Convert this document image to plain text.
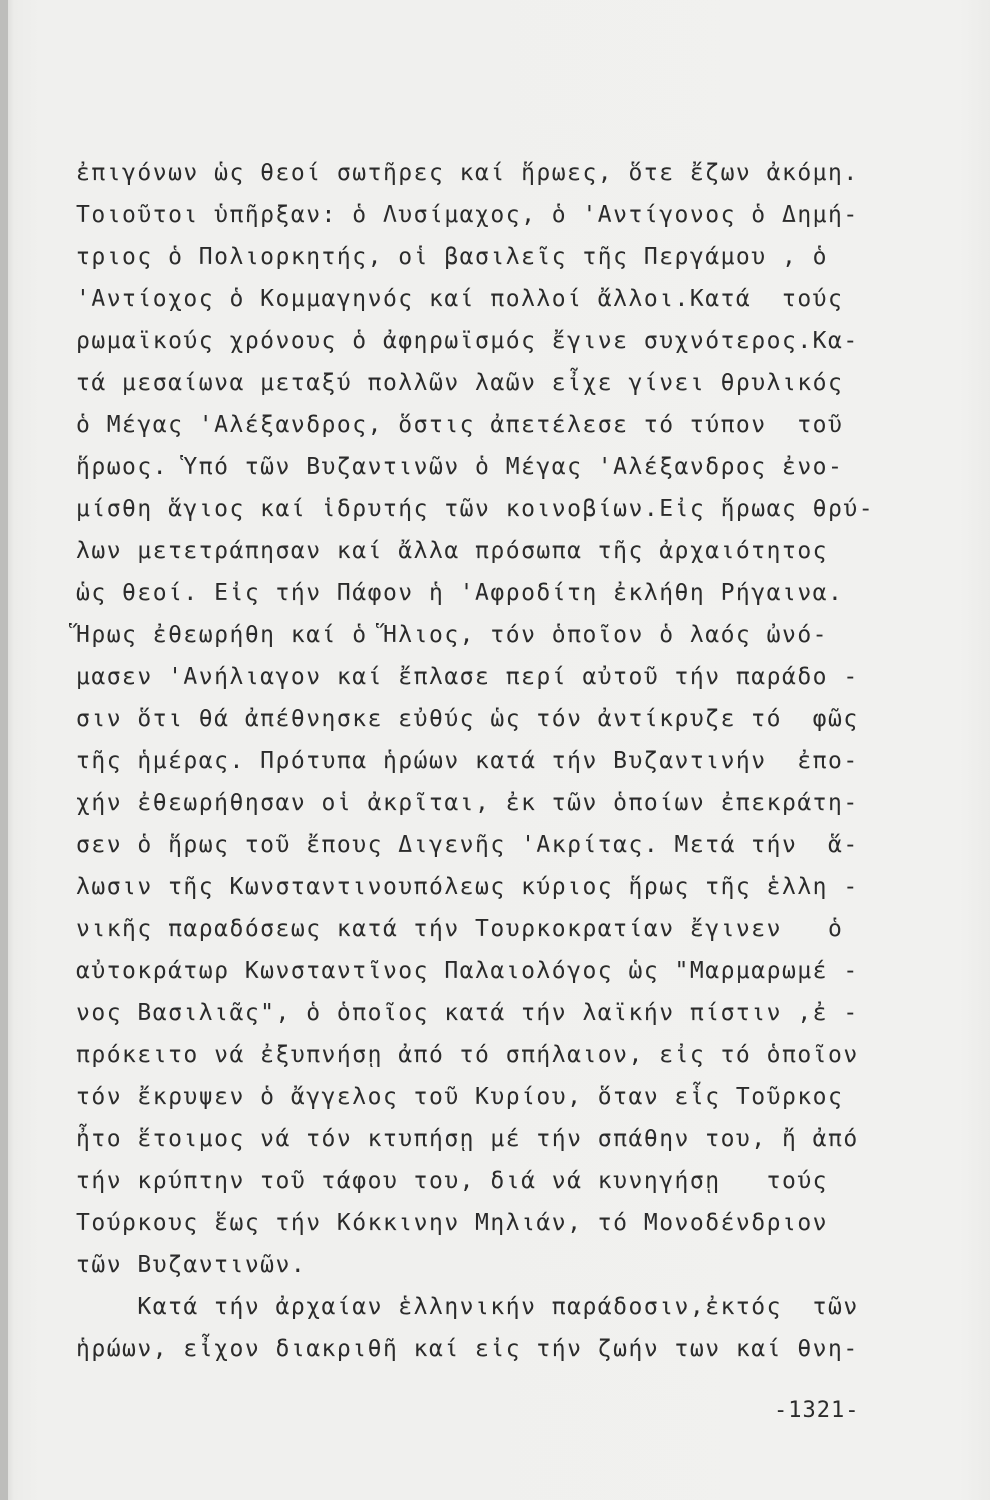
ἐπιγόνων ὡς θεοί σωτῆρες καί ἥρωες, ὅτε ἔζων ἀκόμη.
Τοιοῦτοι ὑπῆρξαν: ὁ Λυσίμαχος, ὁ 'Αντίγονος ὁ Δημή-
τριος ὁ Πολιορκητής, οἱ βασιλεῖς τῆς Περγάμου , ὁ
'Αντίοχος ὁ Κομμαγηνός καί πολλοί ἄλλοι.Κατά  τούς
ρωμαϊκούς χρόνους ὁ ἀφηρωϊσμός ἔγινε συχνότερος.Κα-
τά μεσαίωνα μεταξύ πολλῶν λαῶν εἶχε γίνει θρυλικός
ὁ Μέγας 'Αλέξανδρος, ὅστις ἀπετέλεσε τό τύπον  τοῦ
ἥρωος. Ὑπό τῶν Βυζαντινῶν ὁ Μέγας 'Αλέξανδρος ἐνο-
μίσθη ἅγιος καί ἱδρυτής τῶν κοινοβίων.Εἰς ἥρωας θρύ-
λων μετετράπησαν καί ἄλλα πρόσωπα τῆς ἀρχαιότητος
ὡς θεοί. Εἰς τήν Πάφον ἡ 'Αφροδίτη ἐκλήθη Ρήγαινα.
Ἥρως ἐθεωρήθη καί ὁ Ἥλιος, τόν ὁποῖον ὁ λαός ὠνό-
μασεν 'Ανήλιαγον καί ἔπλασε περί αὐτοῦ τήν παράδο -
σιν ὅτι θά ἀπέθνησκε εὐθύς ὡς τόν ἀντίκρυζε τό  φῶς
τῆς ἡμέρας. Πρότυπα ἡρώων κατά τήν Βυζαντινήν  ἐπο-
χήν ἐθεωρήθησαν οἱ ἀκρῖται, ἐκ τῶν ὁποίων ἐπεκράτη-
σεν ὁ ἥρως τοῦ ἔπους Διγενῆς 'Ακρίτας. Μετά τήν  ἅ-
λωσιν τῆς Κωνσταντινουπόλεως κύριος ἥρως τῆς ἑλλη -
νικῆς παραδόσεως κατά τήν Τουρκοκρατίαν ἔγινεν   ὁ
αὐτοκράτωρ Κωνσταντῖνος Παλαιολόγος ὡς "Μαρμαρωμέ -
νος Βασιλιᾶς", ὁ ὁποῖος κατά τήν λαϊκήν πίστιν ,ἐ -
πρόκειτο νά ἐξυπνήσῃ ἀπό τό σπήλαιον, εἰς τό ὁποῖον
τόν ἔκρυψεν ὁ ἄγγελος τοῦ Κυρίου, ὅταν εἷς Τοῦρκος
ἦτο ἕτοιμος νά τόν κτυπήσῃ μέ τήν σπάθην του, ἤ ἀπό
τήν κρύπτην τοῦ τάφου του, διά νά κυνηγήσῃ   τούς
Τούρκους ἕως τήν Κόκκινην Μηλιάν, τό Μονοδένδριον
τῶν Βυζαντινῶν.
Κατά τήν ἀρχαίαν ἑλληνικήν παράδοσιν,ἐκτός  τῶν
ἡρώων, εἶχον διακριθῆ καί εἰς τήν ζωήν των καί θνη-
-1321-
